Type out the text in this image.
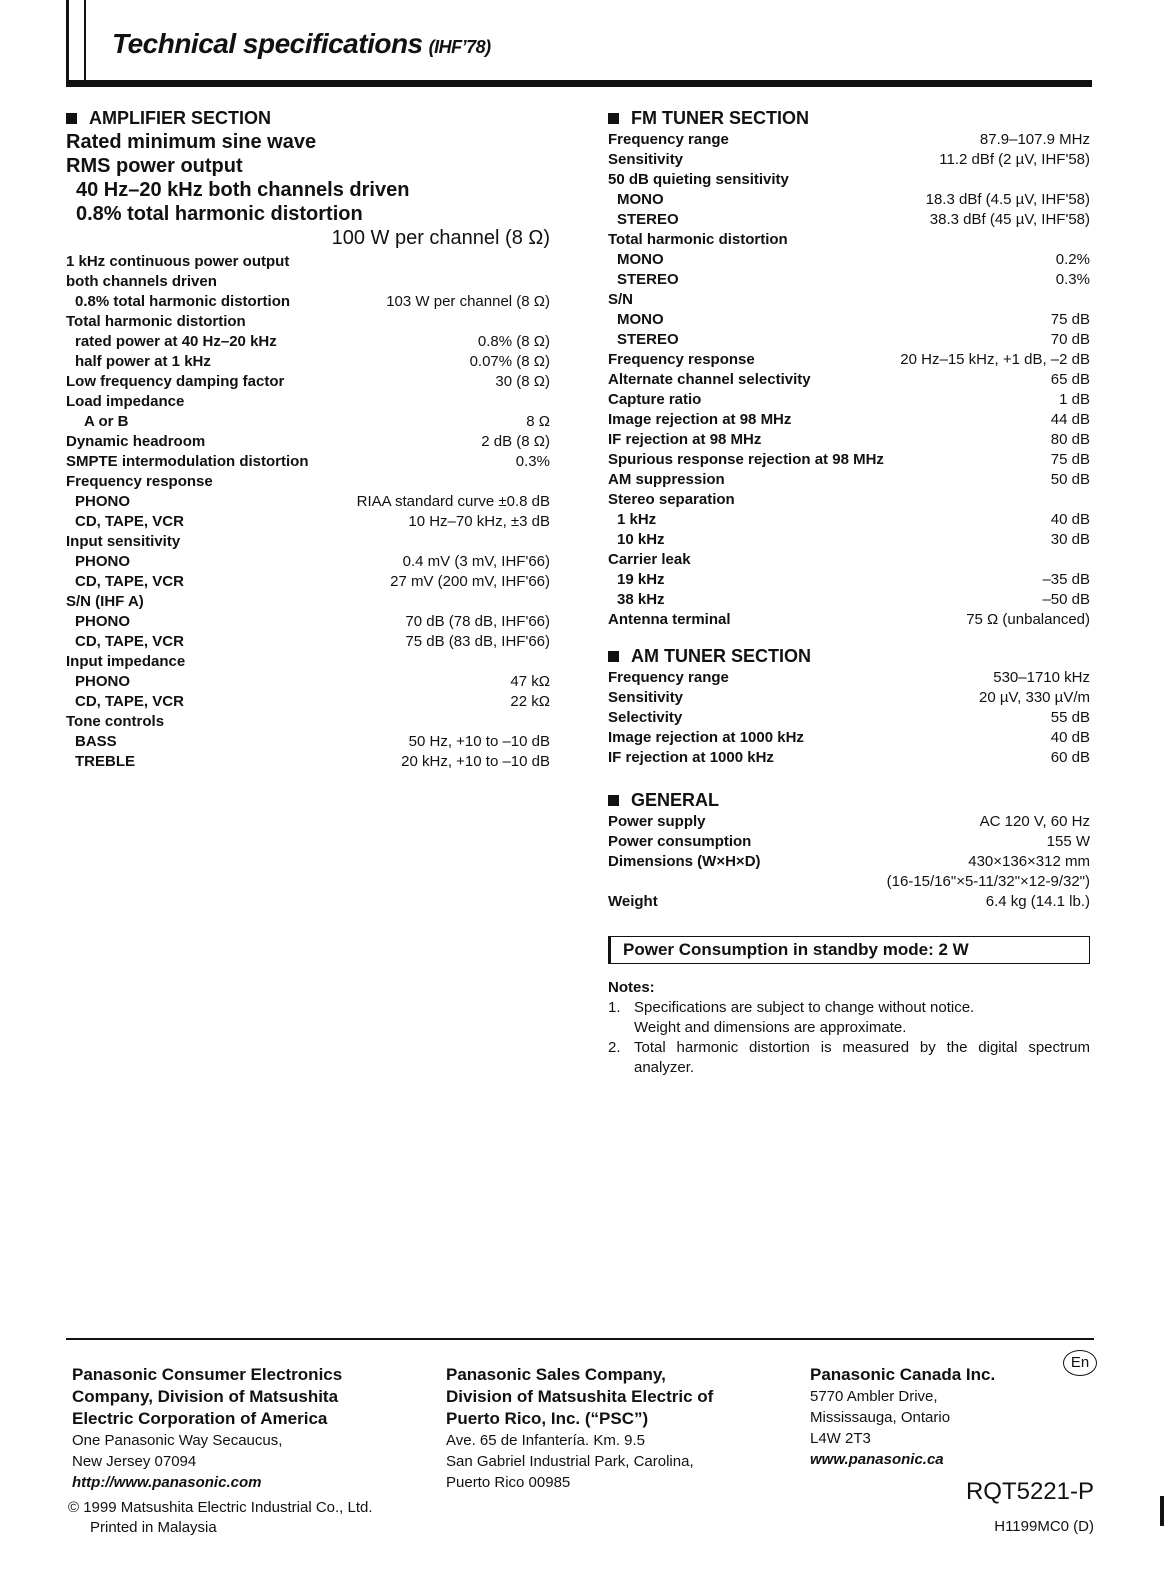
Technical specifications (IHF’78)
AMPLIFIER SECTION
Rated minimum sine wave
RMS power output
40 Hz–20 kHz both channels driven
0.8% total harmonic distortion
100 W per channel (8 Ω)
1 kHz continuous power output
both channels driven
0.8% total harmonic distortion	103 W per channel (8 Ω)
Total harmonic distortion
rated power at 40 Hz–20 kHz	0.8% (8 Ω)
half power at 1 kHz	0.07% (8 Ω)
Low frequency damping factor	30 (8 Ω)
Load impedance
A or B	8 Ω
Dynamic headroom	2 dB (8 Ω)
SMPTE intermodulation distortion	0.3%
Frequency response
PHONO	RIAA standard curve ±0.8 dB
CD, TAPE, VCR	10 Hz–70 kHz, ±3 dB
Input sensitivity
PHONO	0.4 mV (3 mV, IHF'66)
CD, TAPE, VCR	27 mV (200 mV, IHF'66)
S/N (IHF A)
PHONO	70 dB (78 dB, IHF'66)
CD, TAPE, VCR	75 dB (83 dB, IHF'66)
Input impedance
PHONO	47 kΩ
CD, TAPE, VCR	22 kΩ
Tone controls
BASS	50 Hz, +10 to –10 dB
TREBLE	20 kHz, +10 to –10 dB
FM TUNER SECTION
Frequency range	87.9–107.9 MHz
Sensitivity	11.2 dBf (2 µV, IHF'58)
50 dB quieting sensitivity
MONO	18.3 dBf (4.5 µV, IHF'58)
STEREO	38.3 dBf (45 µV, IHF'58)
Total harmonic distortion
MONO	0.2%
STEREO	0.3%
S/N
MONO	75 dB
STEREO	70 dB
Frequency response	20 Hz–15 kHz, +1 dB, –2 dB
Alternate channel selectivity	65 dB
Capture ratio	1 dB
Image rejection at 98 MHz	44 dB
IF rejection at 98 MHz	80 dB
Spurious response rejection at 98 MHz	75 dB
AM suppression	50 dB
Stereo separation
1 kHz	40 dB
10 kHz	30 dB
Carrier leak
19 kHz	–35 dB
38 kHz	–50 dB
Antenna terminal	75 Ω (unbalanced)
AM TUNER SECTION
Frequency range	530–1710 kHz
Sensitivity	20 µV, 330 µV/m
Selectivity	55 dB
Image rejection at 1000 kHz	40 dB
IF rejection at 1000 kHz	60 dB
GENERAL
Power supply	AC 120 V, 60 Hz
Power consumption	155 W
Dimensions (W×H×D)	430×136×312 mm
(16-15/16"×5-11/32"×12-9/32")
Weight	6.4 kg (14.1 lb.)
Power Consumption in standby mode: 2 W
Notes:
1. Specifications are subject to change without notice.
Weight and dimensions are approximate.
2. Total harmonic distortion is measured by the digital spectrum analyzer.
En
Panasonic Consumer Electronics
Company, Division of Matsushita
Electric Corporation of America
One Panasonic Way Secaucus,
New Jersey 07094
http://www.panasonic.com
Panasonic Sales Company,
Division of Matsushita Electric of
Puerto Rico, Inc. (“PSC”)
Ave. 65 de Infantería. Km. 9.5
San Gabriel Industrial Park, Carolina,
Puerto Rico 00985
Panasonic Canada Inc.
5770 Ambler Drive,
Mississauga, Ontario
L4W 2T3
www.panasonic.ca
© 1999 Matsushita Electric Industrial Co., Ltd.
Printed in Malaysia
RQT5221-P
H1199MC0 (D)
